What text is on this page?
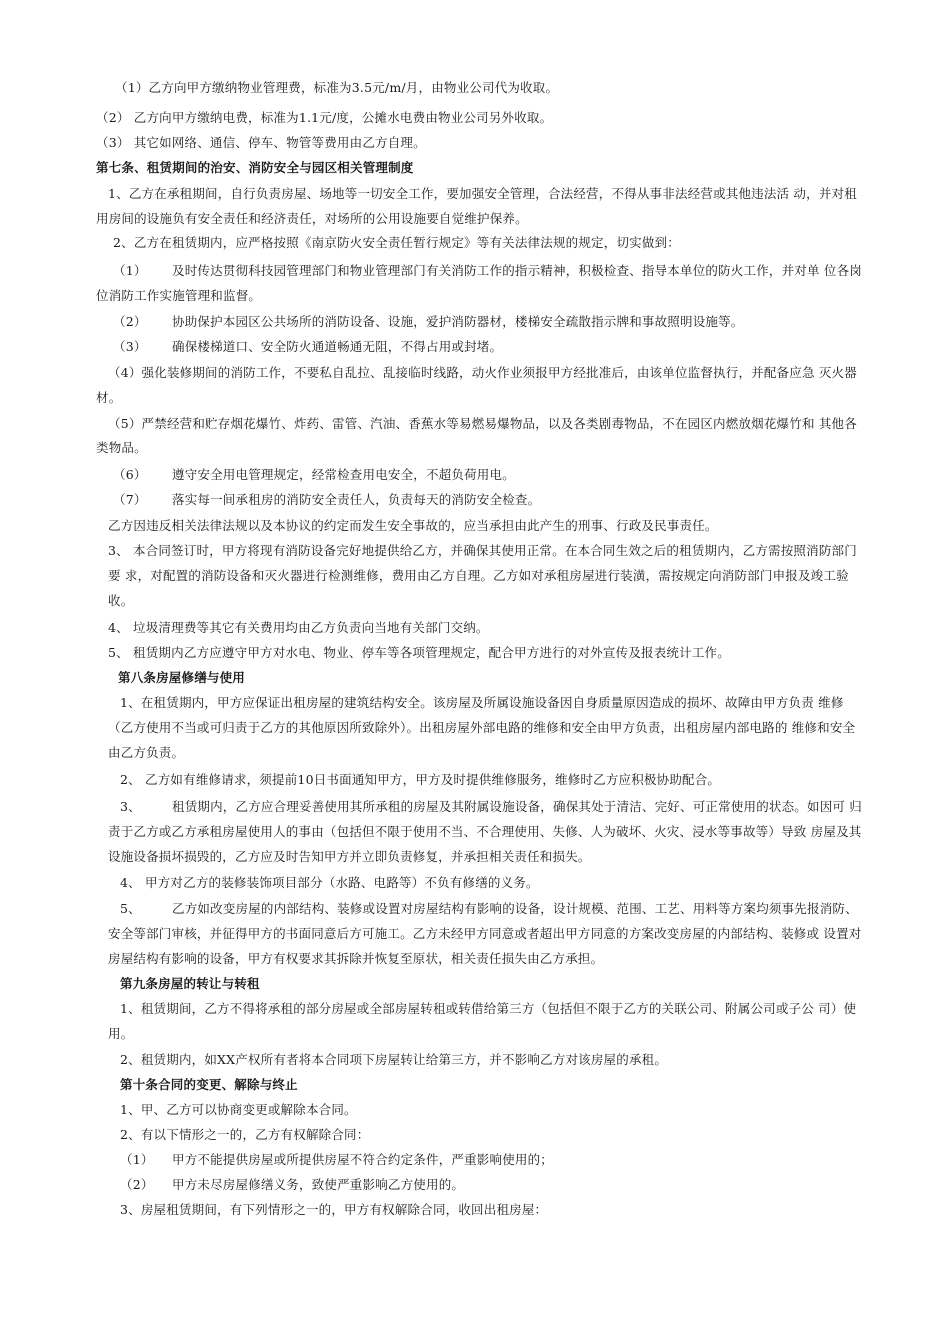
（1）乙方向甲方缴纳物业管理费，标准为3.5元/m/月，由物业公司代为收取。
（2） 乙方向甲方缴纳电费，标准为1.1元/度，公摊水电费由物业公司另外收取。
（3） 其它如网络、通信、停车、物管等费用由乙方自理。
第七条、租赁期间的治安、消防安全与园区相关管理制度
1、乙方在承租期间，自行负责房屋、场地等一切安全工作，要加强安全管理，合法经营，不得从事非法经营或其他违法活 动，并对租
用房间的设施负有安全责任和经济责任，对场所的公用设施要自觉维护保养。
2、乙方在租赁期内，应严格按照《南京防火安全责任暂行规定》等有关法律法规的规定，切实做到：
（1） 及时传达贯彻科技园管理部门和物业管理部门有关消防工作的指示精神，积极检查、指导本单位的防火工作，并对单 位各岗
位消防工作实施管理和监督。
（2） 协助保护本园区公共场所的消防设备、设施，爱护消防器材，楼梯安全疏散指示牌和事故照明设施等。
（3） 确保楼梯道口、安全防火通道畅通无阻，不得占用或封堵。
（4）强化装修期间的消防工作，不要私自乱拉、乱接临时线路，动火作业须报甲方经批准后，由该单位监督执行，并配备应急 灭火器
材。
（5）严禁经营和贮存烟花爆竹、炸药、雷管、汽油、香蕉水等易燃易爆物品，以及各类剧毒物品，不在园区内燃放烟花爆竹和 其他各
类物品。
（6） 遵守安全用电管理规定，经常检查用电安全，不超负荷用电。
（7） 落实每一间承租房的消防安全责任人，负责每天的消防安全检查。
乙方因违反相关法律法规以及本协议的约定而发生安全事故的，应当承担由此产生的刑事、行政及民事责任。
3、 本合同签订时，甲方将现有消防设备完好地提供给乙方，并确保其使用正常。在本合同生效之后的租赁期内，乙方需按照消防部门
要 求，对配置的消防设备和灭火器进行检测维修，费用由乙方自理。乙方如对承租房屋进行装潢，需按规定向消防部门申报及竣工验
收。
4、 垃圾清理费等其它有关费用均由乙方负责向当地有关部门交纳。
5、 租赁期内乙方应遵守甲方对水电、物业、停车等各项管理规定，配合甲方进行的对外宣传及报表统计工作。
第八条房屋修缮与使用
1、在租赁期内，甲方应保证出租房屋的建筑结构安全。该房屋及所属设施设备因自身质量原因造成的损坏、故障由甲方负责 维修
（乙方使用不当或可归责于乙方的其他原因所致除外）。出租房屋外部电路的维修和安全由甲方负责，出租房屋内部电路的 维修和安全
由乙方负责。
2、 乙方如有维修请求，须提前10日书面通知甲方，甲方及时提供维修服务，维修时乙方应积极协助配合。
3、 租赁期内，乙方应合理妥善使用其所承租的房屋及其附属设施设备，确保其处于清洁、完好、可正常使用的状态。如因可 归
责于乙方或乙方承租房屋使用人的事由（包括但不限于使用不当、不合理使用、失修、人为破坏、火灾、浸水等事故等）导致 房屋及其
设施设备损坏损毁的，乙方应及时告知甲方并立即负责修复，并承担相关责任和损失。
4、 甲方对乙方的装修装饰项目部分（水路、电路等）不负有修缮的义务。
5、 乙方如改变房屋的内部结构、装修或设置对房屋结构有影响的设备，设计规模、范围、工艺、用料等方案均须事先报消防、
安全等部门审核，并征得甲方的书面同意后方可施工。乙方未经甲方同意或者超出甲方同意的方案改变房屋的内部结构、装修或 设置对
房屋结构有影响的设备，甲方有权要求其拆除并恢复至原状，相关责任损失由乙方承担。
第九条房屋的转让与转租
1、租赁期间，乙方不得将承租的部分房屋或全部房屋转租或转借给第三方（包括但不限于乙方的关联公司、附属公司或子公 司）使
用。
2、租赁期内，如XX产权所有者将本合同项下房屋转让给第三方，并不影响乙方对该房屋的承租。
第十条合同的变更、解除与终止
1、甲、乙方可以协商变更或解除本合同。
2、有以下情形之一的，乙方有权解除合同：
（1） 甲方不能提供房屋或所提供房屋不符合约定条件，严重影响使用的；
（2） 甲方未尽房屋修缮义务，致使严重影响乙方使用的。
3、房屋租赁期间，有下列情形之一的，甲方有权解除合同，收回出租房屋：
